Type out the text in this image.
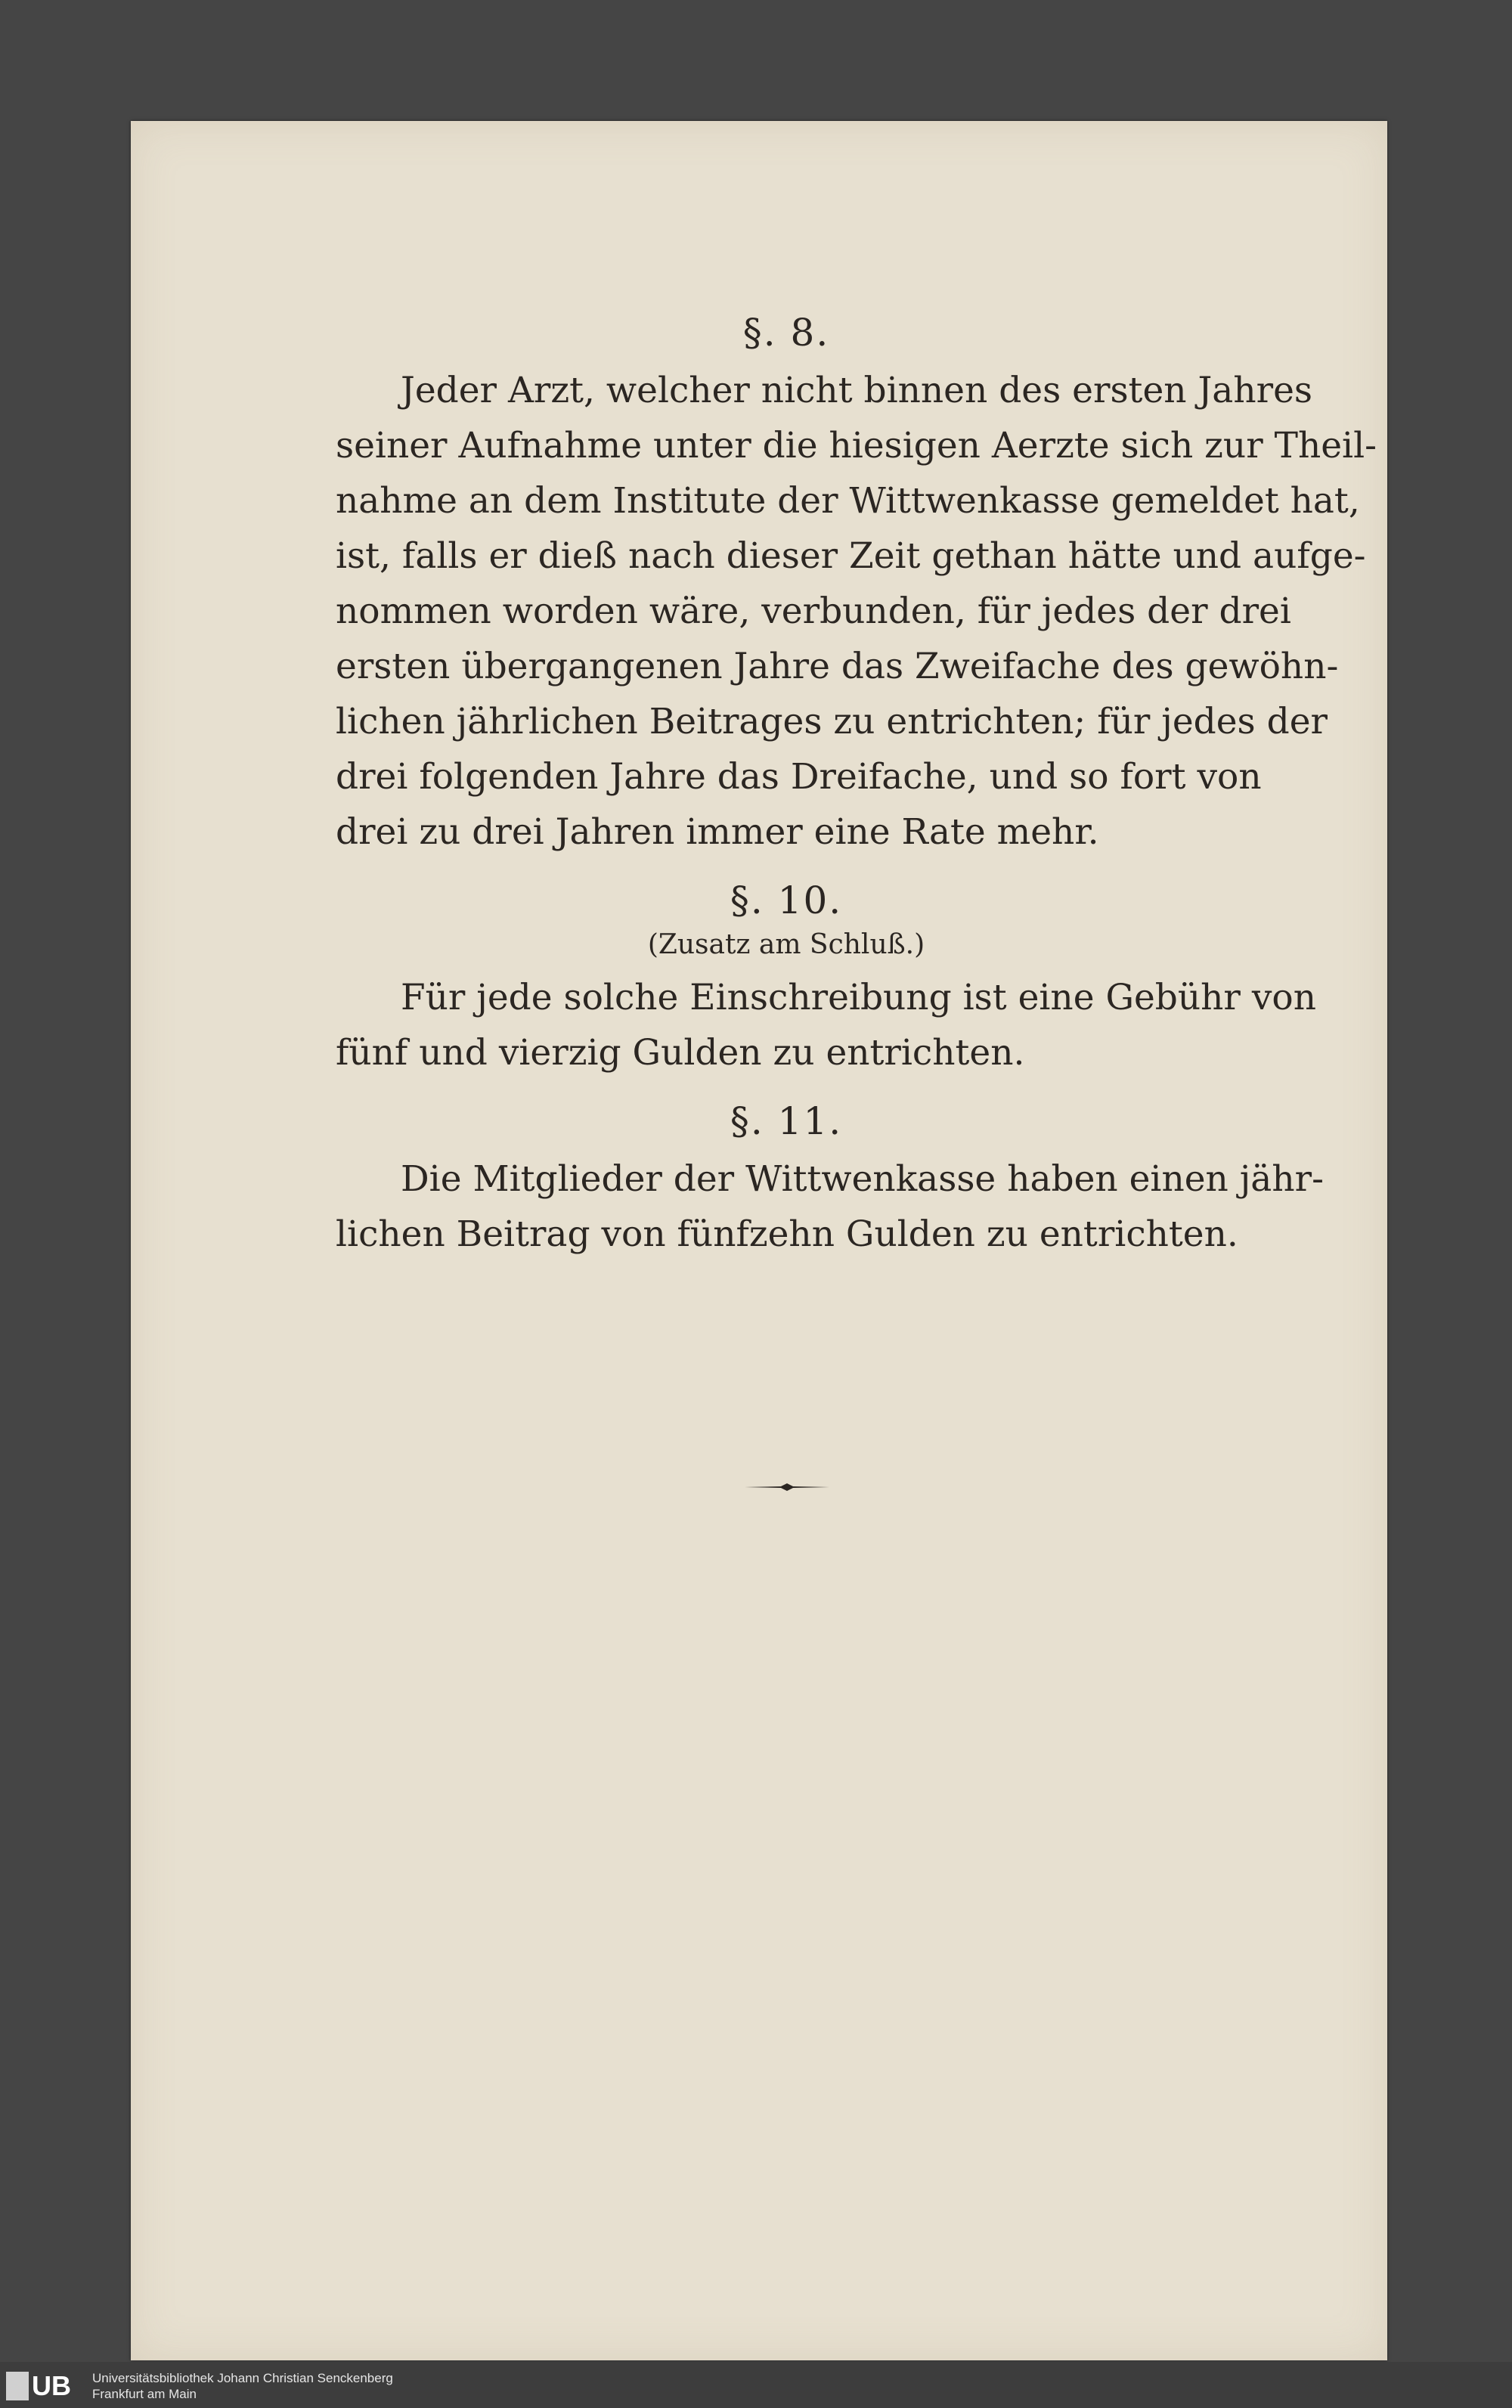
§. 8.

Jeder Arzt, welcher nicht binnen des ersten Jahres
seiner Aufnahme unter die hiesigen Aerzte sich zur Theil-
nahme an dem Institute der Wittwenkasse gemeldet hat,
ist, falls er dieß nach dieser Zeit gethan hätte und aufge-
nommen worden wäre, verbunden, für jedes der drei
ersten übergangenen Jahre das Zweifache des gewöhn-
lichen jährlichen Beitrages zu entrichten; für jedes der
drei folgenden Jahre das Dreifache, und so fort von
drei zu drei Jahren immer eine Rate mehr.

§. 10.
(Zusatz am Schluß.)

Für jede solche Einschreibung ist eine Gebühr von
fünf und vierzig Gulden zu entrichten.

§. 11.

Die Mitglieder der Wittwenkasse haben einen jähr-
lichen Beitrag von fünfzehn Gulden zu entrichten.

UB Universitätsbibliothek Johann Christian Senckenberg
Frankfurt am Main
